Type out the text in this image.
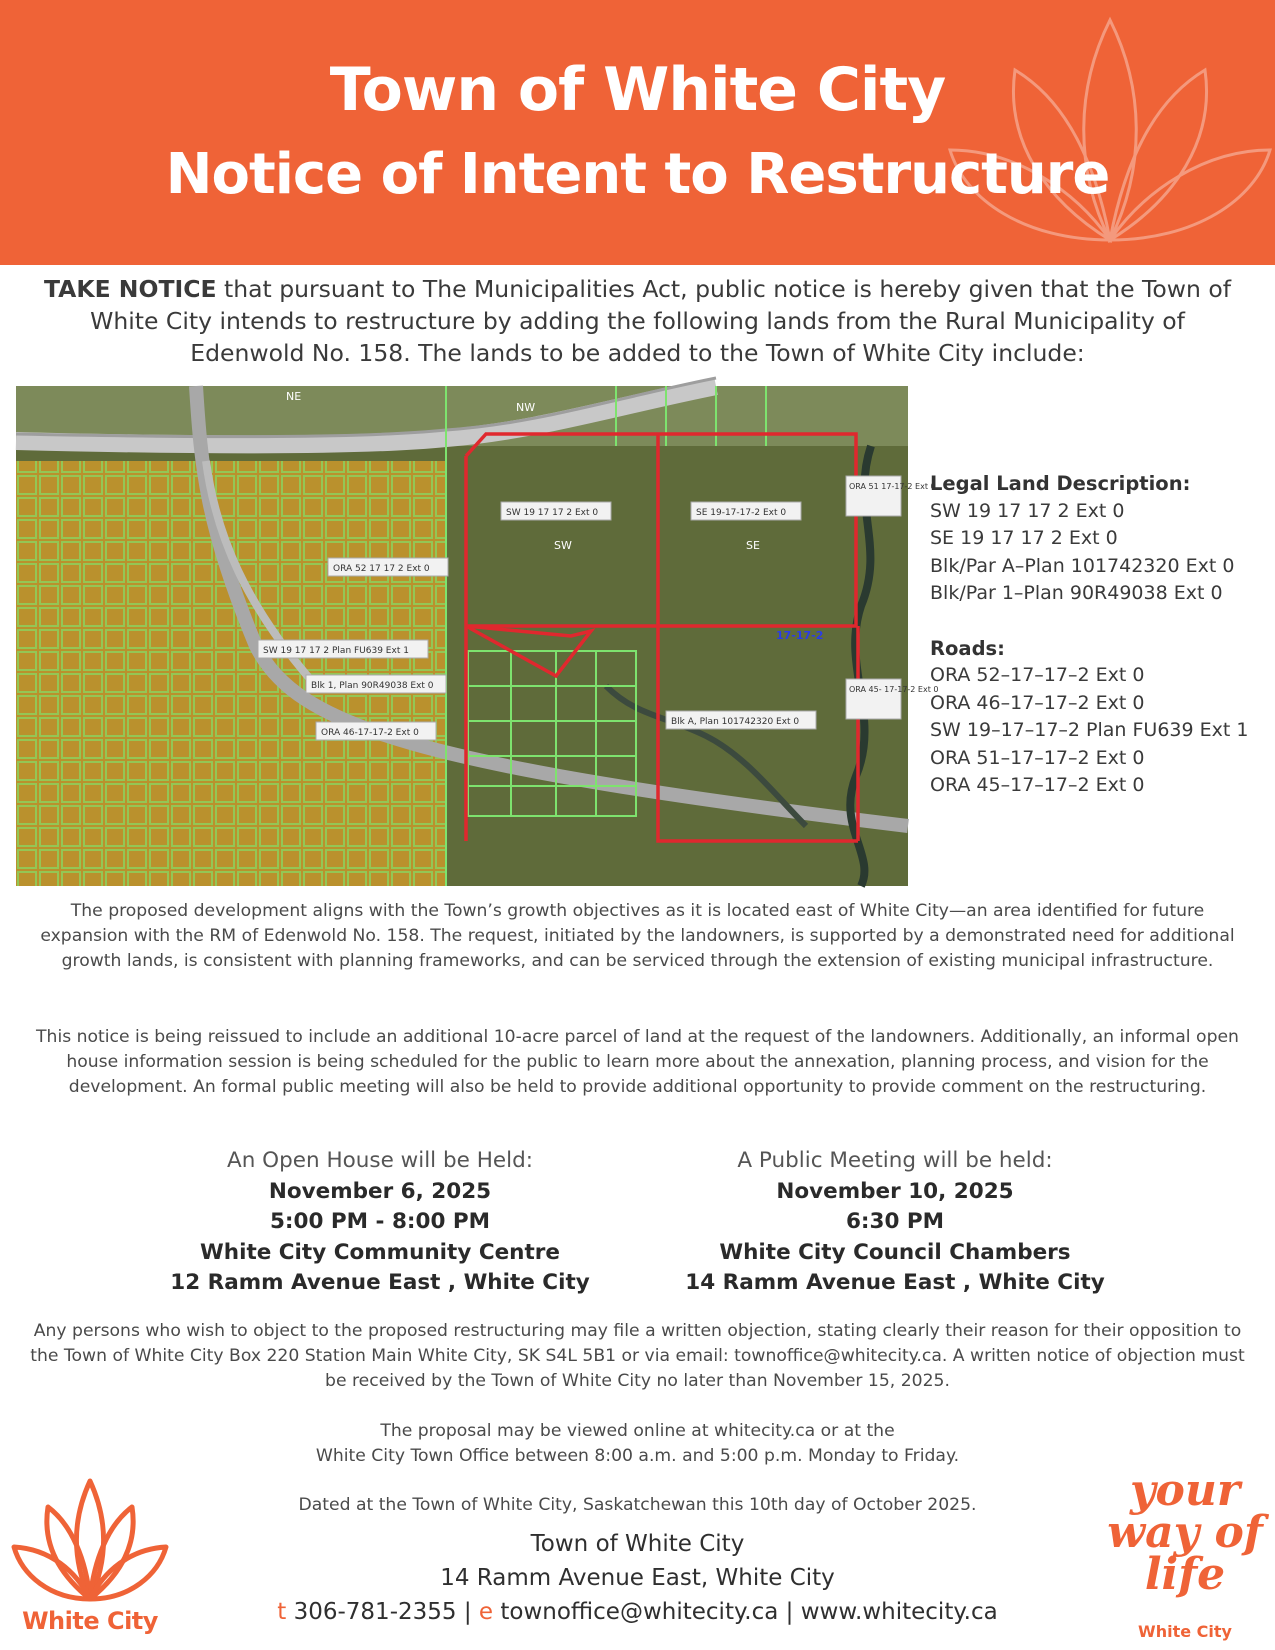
Town of White City
Notice of Intent to Restructure
TAKE NOTICE that pursuant to The Municipalities Act, public notice is hereby given that the Town of White City intends to restructure by adding the following lands from the Rural Municipality of Edenwold No. 158. The lands to be added to the Town of White City include:
SW 19 17 17 2 Ext 0	SE 19-17-17-2 Ext 0
ORA 52 17 17 2 Ext 0
SW 19 17 17 2 Plan FU639 Ext 1
Blk 1, Plan 90R49038 Ext 0
ORA 46-17-17-2 Ext 0
Blk A, Plan 101742320 Ext 0
ORA 51 17-17-2 Ext 0
ORA 45- 17-17-2 Ext 0
SW	SE
NW
NE
17-17-2
Legal Land Description:
SW 19 17 17 2 Ext 0
SE 19 17 17 2 Ext 0
Blk/Par A–Plan 101742320 Ext 0
Blk/Par 1–Plan 90R49038 Ext 0
Roads:
ORA 52–17–17–2 Ext 0
ORA 46–17–17–2 Ext 0
SW 19–17–17–2 Plan FU639 Ext 1
ORA 51–17–17–2 Ext 0
ORA 45–17–17–2 Ext 0
The proposed development aligns with the Town’s growth objectives as it is located east of White City—an area identified for future expansion with the RM of Edenwold No. 158. The request, initiated by the landowners, is supported by a demonstrated need for additional growth lands, is consistent with planning frameworks, and can be serviced through the extension of existing municipal infrastructure.
This notice is being reissued to include an additional 10-acre parcel of land at the request of the landowners. Additionally, an informal open house information session is being scheduled for the public to learn more about the annexation, planning process, and vision for the development. An formal public meeting will also be held to provide additional opportunity to provide comment on the restructuring.
An Open House will be Held:
November 6, 2025
5:00 PM - 8:00 PM
White City Community Centre
12 Ramm Avenue East , White City
A Public Meeting will be held:
November 10, 2025
6:30 PM
White City Council Chambers
14 Ramm Avenue East , White City
Any persons who wish to object to the proposed restructuring may file a written objection, stating clearly their reason for their opposition to the Town of White City Box 220 Station Main White City, SK S4L 5B1 or via email: townoffice@whitecity.ca. A written notice of objection must be received by the Town of White City no later than November 15, 2025.
The proposal may be viewed online at whitecity.ca or at the
White City Town Office between 8:00 a.m. and 5:00 p.m. Monday to Friday.
Dated at the Town of White City, Saskatchewan this 10th day of October 2025.
Town of White City
14 Ramm Avenue East, White City
t 306-781-2355 | e townoffice@whitecity.ca | www.whitecity.ca
White City
your way of life
White City
